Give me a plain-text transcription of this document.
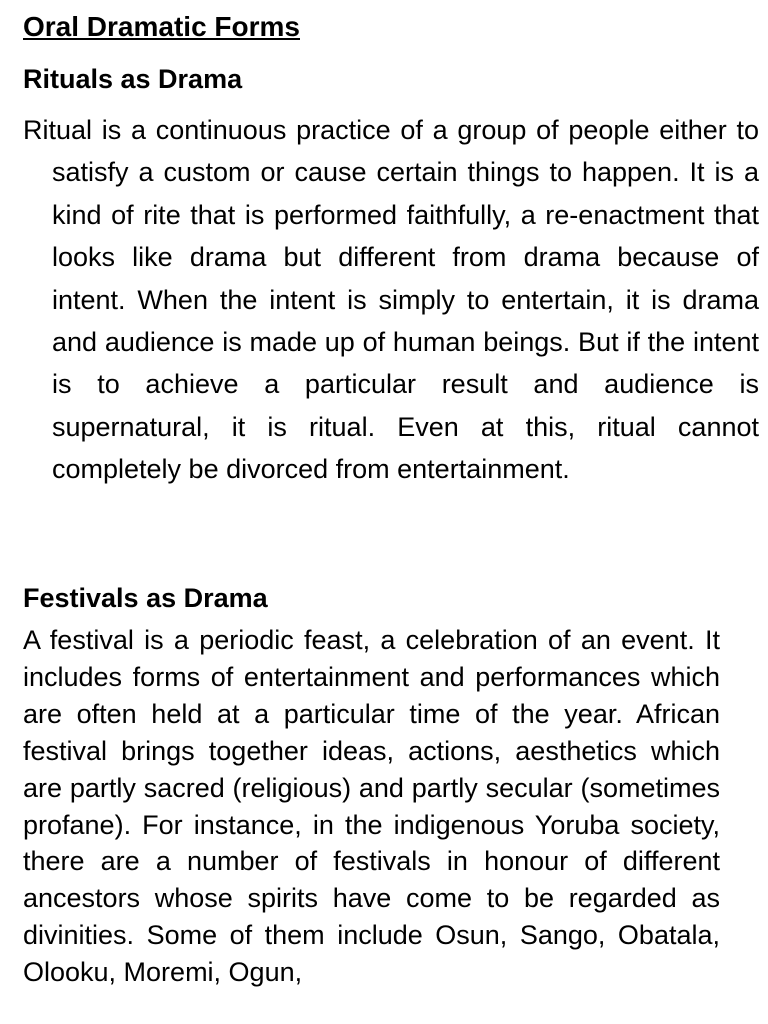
Oral Dramatic Forms
Rituals as Drama

Ritual is a continuous practice of a group of people either to satisfy a custom or cause certain things to happen. It is a kind of rite that is performed faithfully, a re-enactment that looks like drama but different from drama because of intent. When the intent is simply to entertain, it is drama and audience is made up of human beings. But if the intent is to achieve a particular result and audience is supernatural, it is ritual. Even at this, ritual cannot completely be divorced from entertainment.

Festivals as Drama

A festival is a periodic feast, a celebration of an event. It includes forms of entertainment and performances which are often held at a particular time of the year. African festival brings together ideas, actions, aesthetics which are partly sacred (religious) and partly secular (sometimes profane). For instance, in the indigenous Yoruba society, there are a number of festivals in honour of different ancestors whose spirits have come to be regarded as divinities. Some of them include Osun, Sango, Obatala, Olooku, Moremi, Ogun,
